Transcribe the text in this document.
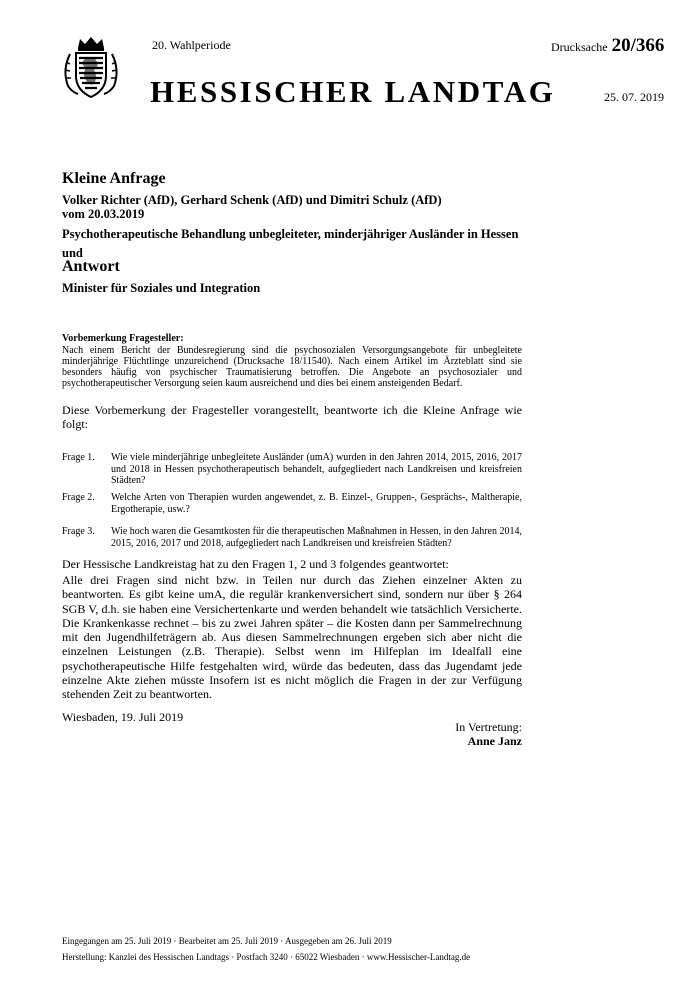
20. Wahlperiode	Drucksache 20/366
HESSISCHER LANDTAG	25. 07. 2019
Kleine Anfrage
Volker Richter (AfD), Gerhard Schenk (AfD) und Dimitri Schulz (AfD)
vom 20.03.2019
Psychotherapeutische Behandlung unbegleiteter, minderjähriger Ausländer in Hessen
und
Antwort
Minister für Soziales und Integration
Vorbemerkung Fragesteller:
Nach einem Bericht der Bundesregierung sind die psychosozialen Versorgungsangebote für unbegleitete minderjährige Flüchtlinge unzureichend (Drucksache 18/11540). Nach einem Artikel im Ärzteblatt sind sie besonders häufig von psychischer Traumatisierung betroffen. Die Angebote an psychosozialer und psychotherapeutischer Versorgung seien kaum ausreichend und dies bei einem ansteigenden Bedarf.
Diese Vorbemerkung der Fragesteller vorangestellt, beantworte ich die Kleine Anfrage wie folgt:
Frage 1. Wie viele minderjährige unbegleitete Ausländer (umA) wurden in den Jahren 2014, 2015, 2016, 2017 und 2018 in Hessen psychotherapeutisch behandelt, aufgegliedert nach Landkreisen und kreisfreien Städten?
Frage 2. Welche Arten von Therapien wurden angewendet, z. B. Einzel-, Gruppen-, Gesprächs-, Maltherapie, Ergotherapie, usw.?
Frage 3. Wie hoch waren die Gesamtkosten für die therapeutischen Maßnahmen in Hessen, in den Jahren 2014, 2015, 2016, 2017 und 2018, aufgegliedert nach Landkreisen und kreisfreien Städten?
Der Hessische Landkreistag hat zu den Fragen 1, 2 und 3 folgendes geantwortet:
Alle drei Fragen sind nicht bzw. in Teilen nur durch das Ziehen einzelner Akten zu beantworten. Es gibt keine umA, die regulär krankenversichert sind, sondern nur über § 264 SGB V, d.h. sie haben eine Versichertenkarte und werden behandelt wie tatsächlich Versicherte. Die Krankenkasse rechnet – bis zu zwei Jahren später – die Kosten dann per Sammelrechnung mit den Jugendhilfeträgern ab. Aus diesen Sammelrechnungen ergeben sich aber nicht die einzelnen Leistungen (z.B. Therapie). Selbst wenn im Hilfeplan im Idealfall eine psychotherapeutische Hilfe festgehalten wird, würde das bedeuten, dass das Jugendamt jede einzelne Akte ziehen müsste Insofern ist es nicht möglich die Fragen in der zur Verfügung stehenden Zeit zu beantworten.
Wiesbaden, 19. Juli 2019
In Vertretung:
Anne Janz
Eingegangen am 25. Juli 2019 · Bearbeitet am 25. Juli 2019 · Ausgegeben am 26. Juli 2019
Herstellung: Kanzlei des Hessischen Landtags · Postfach 3240 · 65022 Wiesbaden · www.Hessischer-Landtag.de
